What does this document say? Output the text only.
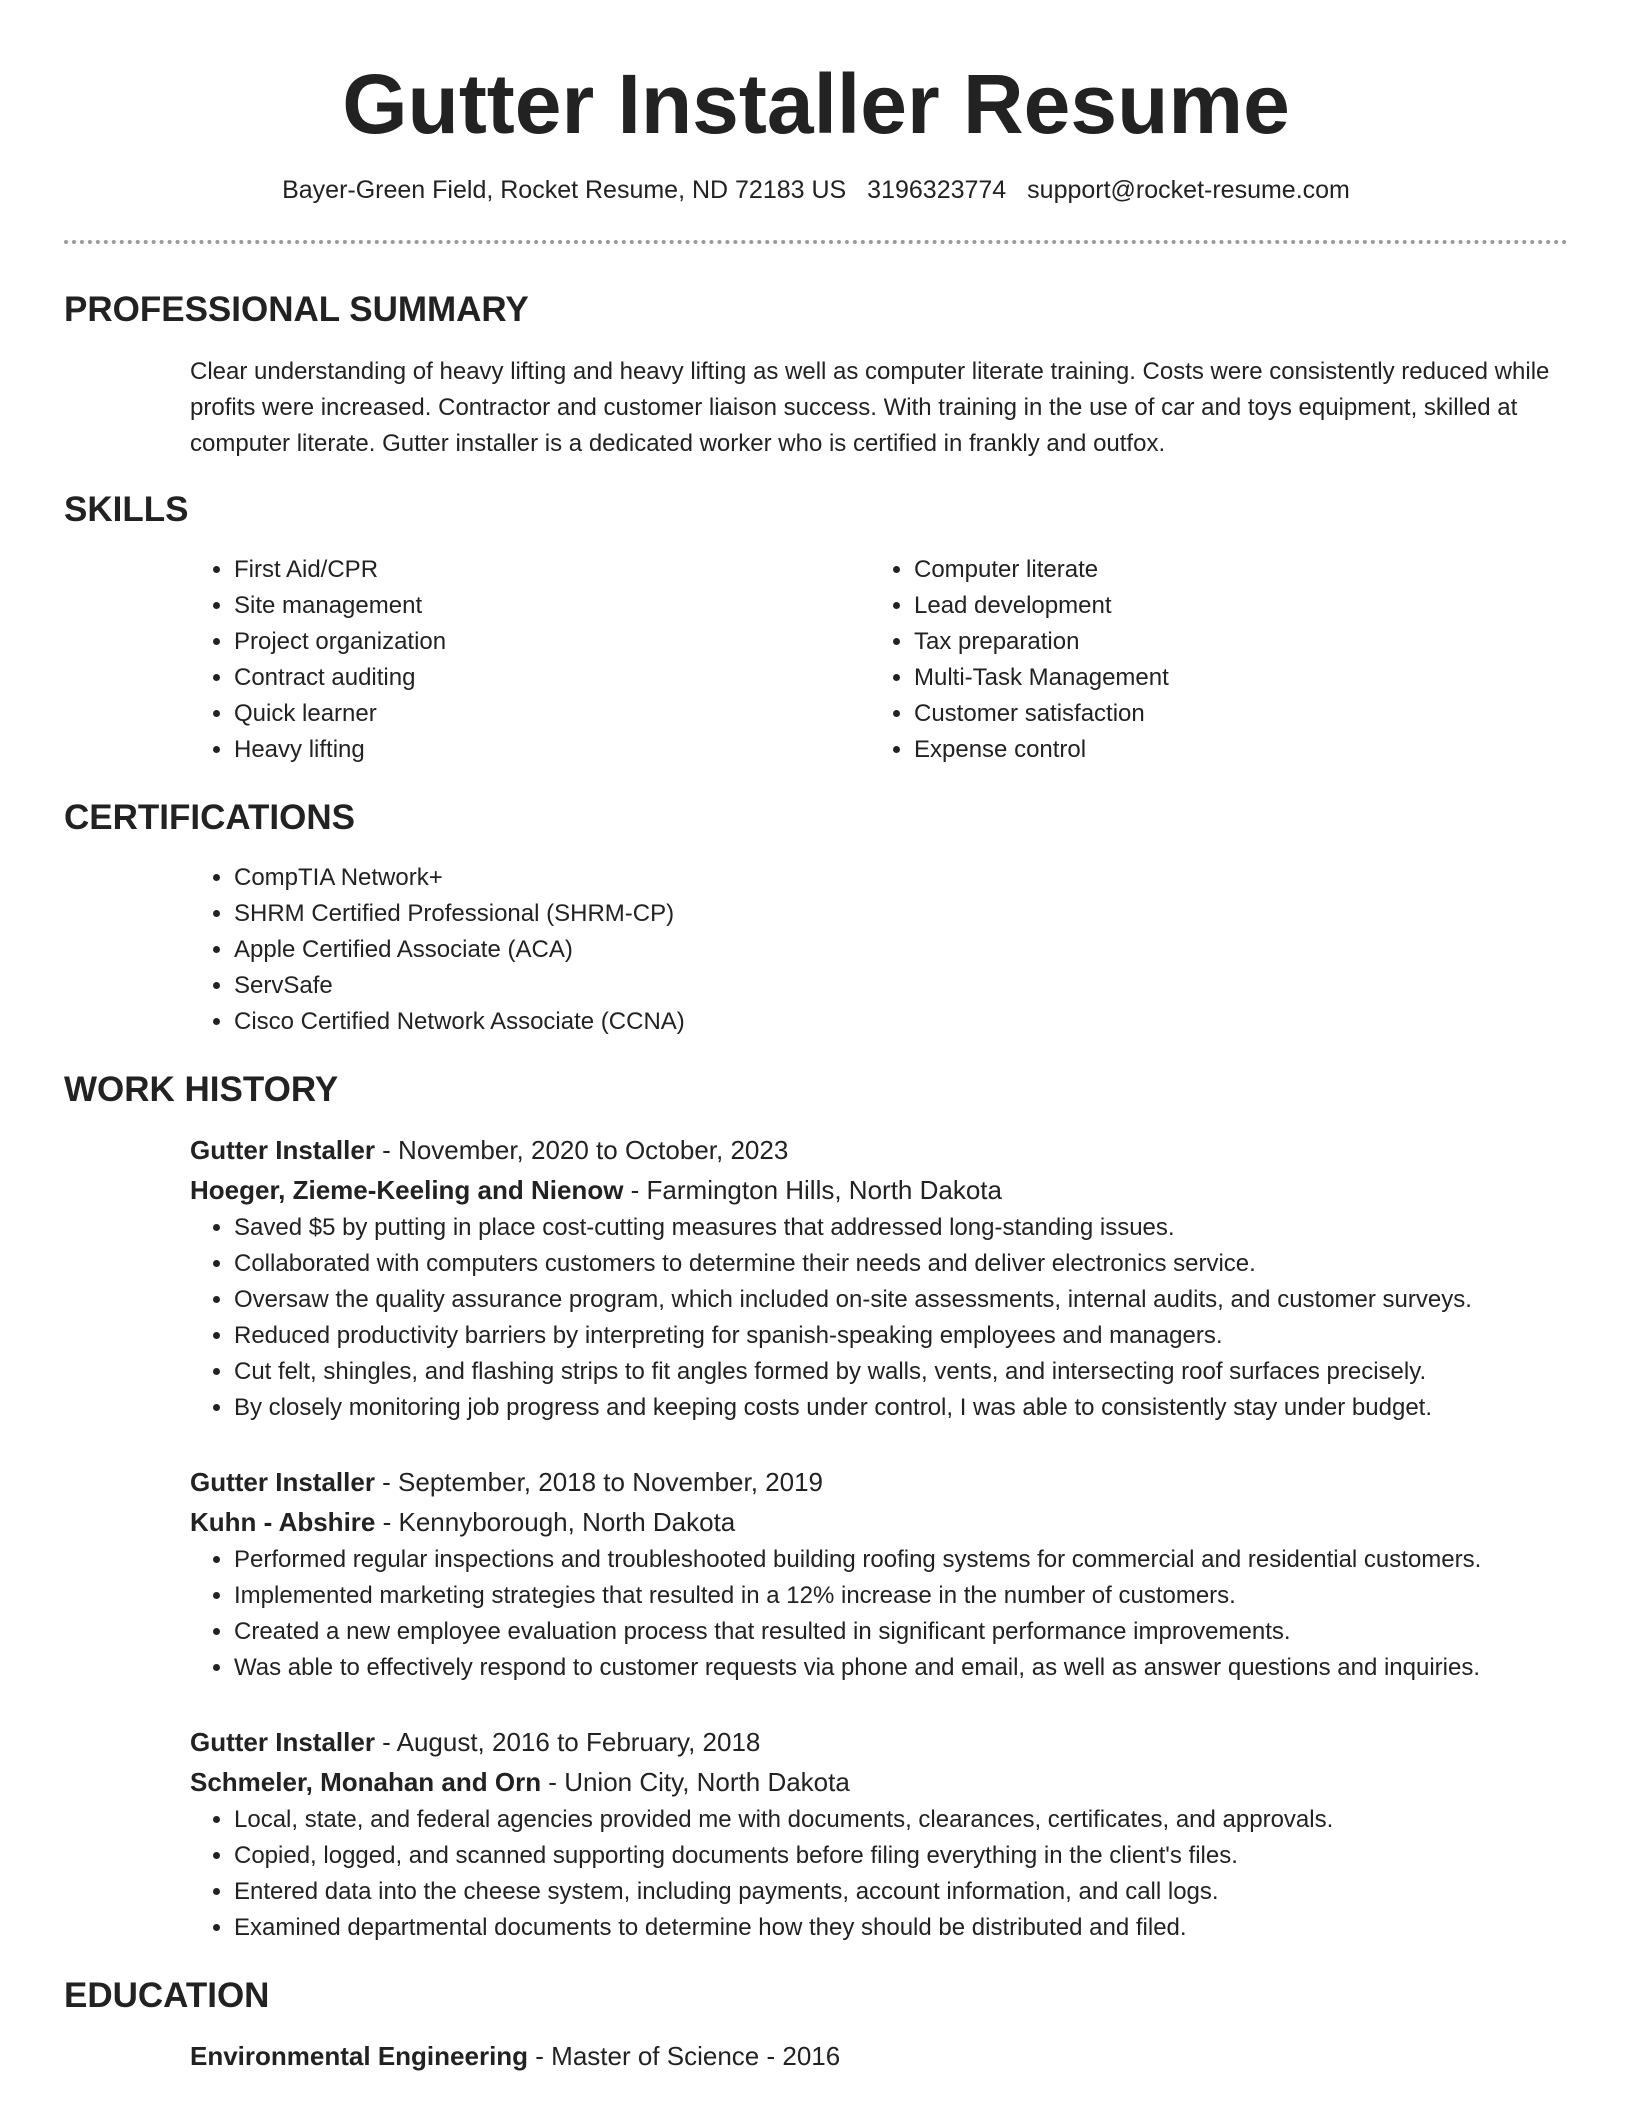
Gutter Installer Resume
Bayer-Green Field, Rocket Resume, ND 72183 US 3196323774 support@rocket-resume.com
PROFESSIONAL SUMMARY

Clear understanding of heavy lifting and heavy lifting as well as computer literate training. Costs were consistently reduced while profits were increased. Contractor and customer liaison success. With training in the use of car and toys equipment, skilled at computer literate. Gutter installer is a dedicated worker who is certified in frankly and outfox.

SKILLS
• First Aid/CPR
• Site management
• Project organization
• Contract auditing
• Quick learner
• Heavy lifting
• Computer literate
• Lead development
• Tax preparation
• Multi-Task Management
• Customer satisfaction
• Expense control
CERTIFICATIONS
• CompTIA Network+
• SHRM Certified Professional (SHRM-CP)
• Apple Certified Associate (ACA)
• ServSafe
• Cisco Certified Network Associate (CCNA)
WORK HISTORY
Gutter Installer - November, 2020 to October, 2023
Hoeger, Zieme-Keeling and Nienow - Farmington Hills, North Dakota
• Saved $5 by putting in place cost-cutting measures that addressed long-standing issues.
• Collaborated with computers customers to determine their needs and deliver electronics service.
• Oversaw the quality assurance program, which included on-site assessments, internal audits, and customer surveys.
• Reduced productivity barriers by interpreting for spanish-speaking employees and managers.
• Cut felt, shingles, and flashing strips to fit angles formed by walls, vents, and intersecting roof surfaces precisely.
• By closely monitoring job progress and keeping costs under control, I was able to consistently stay under budget.
Gutter Installer - September, 2018 to November, 2019
Kuhn - Abshire - Kennyborough, North Dakota
• Performed regular inspections and troubleshooted building roofing systems for commercial and residential customers.
• Implemented marketing strategies that resulted in a 12% increase in the number of customers.
• Created a new employee evaluation process that resulted in significant performance improvements.
• Was able to effectively respond to customer requests via phone and email, as well as answer questions and inquiries.
Gutter Installer - August, 2016 to February, 2018
Schmeler, Monahan and Orn - Union City, North Dakota
• Local, state, and federal agencies provided me with documents, clearances, certificates, and approvals.
• Copied, logged, and scanned supporting documents before filing everything in the client's files.
• Entered data into the cheese system, including payments, account information, and call logs.
• Examined departmental documents to determine how they should be distributed and filed.
EDUCATION
Environmental Engineering - Master of Science - 2016
